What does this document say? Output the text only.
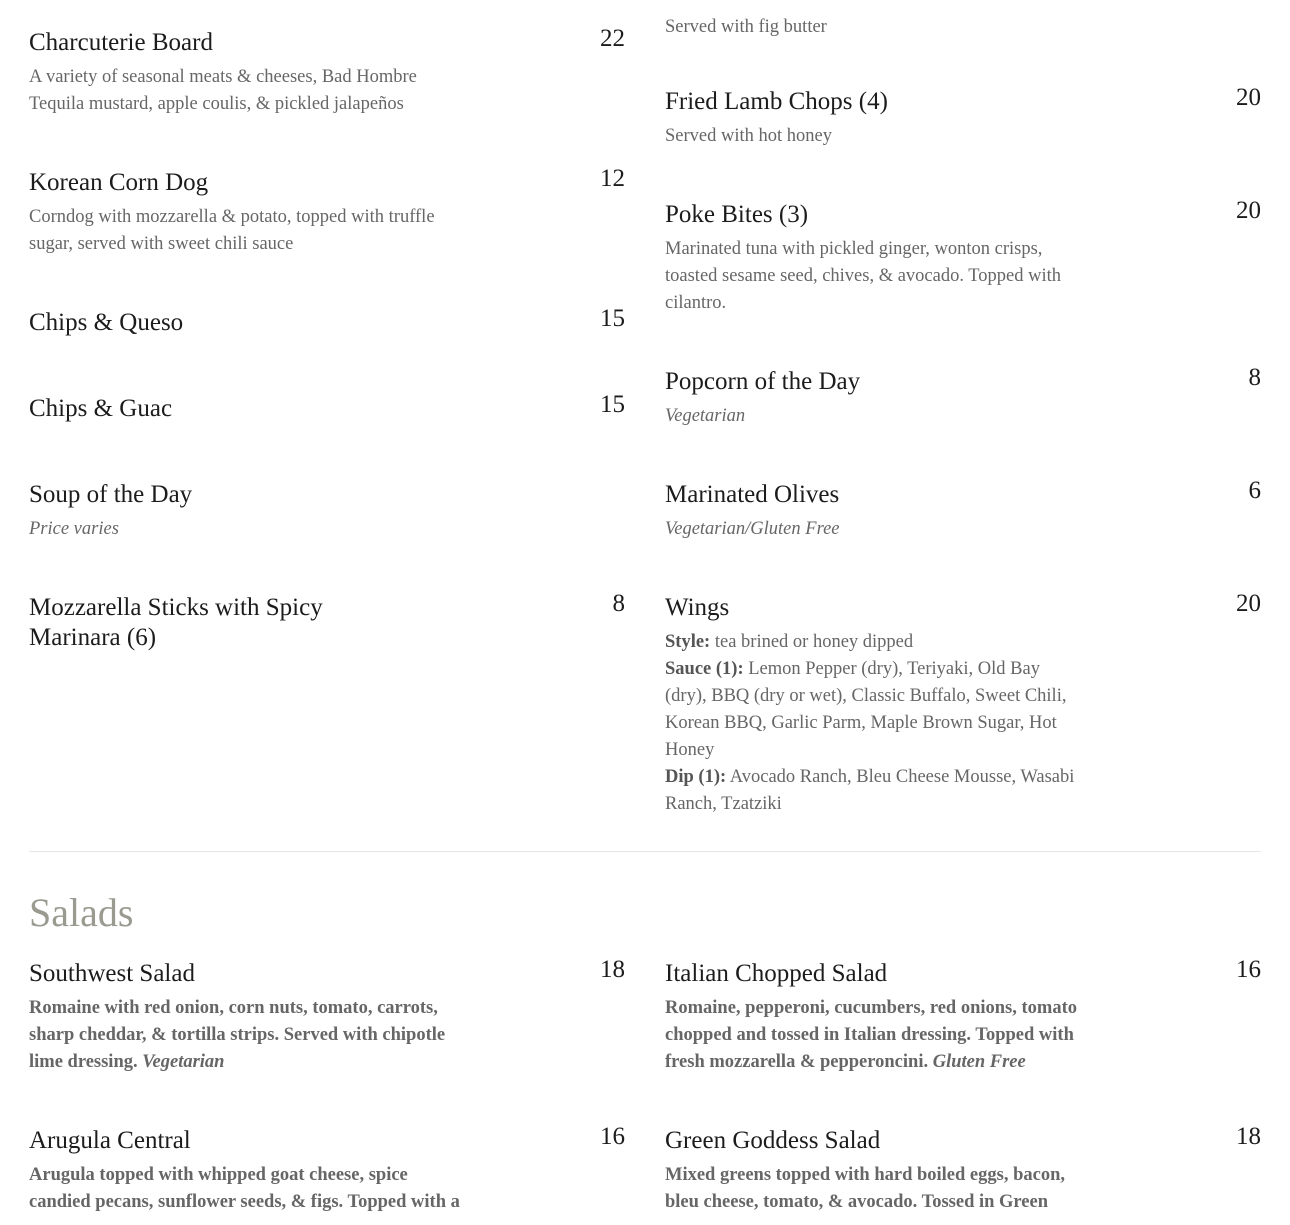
Charcuterie Board	22
A variety of seasonal meats & cheeses, Bad Hombre Tequila mustard, apple coulis, & pickled jalapeños
Korean Corn Dog	12
Corndog with mozzarella & potato, topped with truffle sugar, served with sweet chili sauce
Chips & Queso	15
Chips & Guac	15
Soup of the Day
Price varies
Mozzarella Sticks with Spicy Marinara (6)
8
Served with fig butter
Fried Lamb Chops (4)	20
Served with hot honey
Poke Bites (3)	20
Marinated tuna with pickled ginger, wonton crisps, toasted sesame seed, chives, & avocado. Topped with cilantro.
Popcorn of the Day	8
Vegetarian
Marinated Olives	6
Vegetarian/Gluten Free
Wings	20
Style: tea brined or honey dipped
Sauce (1): Lemon Pepper (dry), Teriyaki, Old Bay (dry), BBQ (dry or wet), Classic Buffalo, Sweet Chili, Korean BBQ, Garlic Parm, Maple Brown Sugar, Hot Honey
Dip (1): Avocado Ranch, Bleu Cheese Mousse, Wasabi Ranch, Tzatziki
Salads
Southwest Salad	18
Romaine with red onion, corn nuts, tomato, carrots, sharp cheddar, & tortilla strips. Served with chipotle lime dressing. Vegetarian
Arugula Central	16
Arugula topped with whipped goat cheese, spice candied pecans, sunflower seeds, & figs. Topped with a
Italian Chopped Salad	16
Romaine, pepperoni, cucumbers, red onions, tomato chopped and tossed in Italian dressing. Topped with fresh mozzarella & pepperoncini. Gluten Free
Green Goddess Salad	18
Mixed greens topped with hard boiled eggs, bacon, bleu cheese, tomato, & avocado. Tossed in Green
